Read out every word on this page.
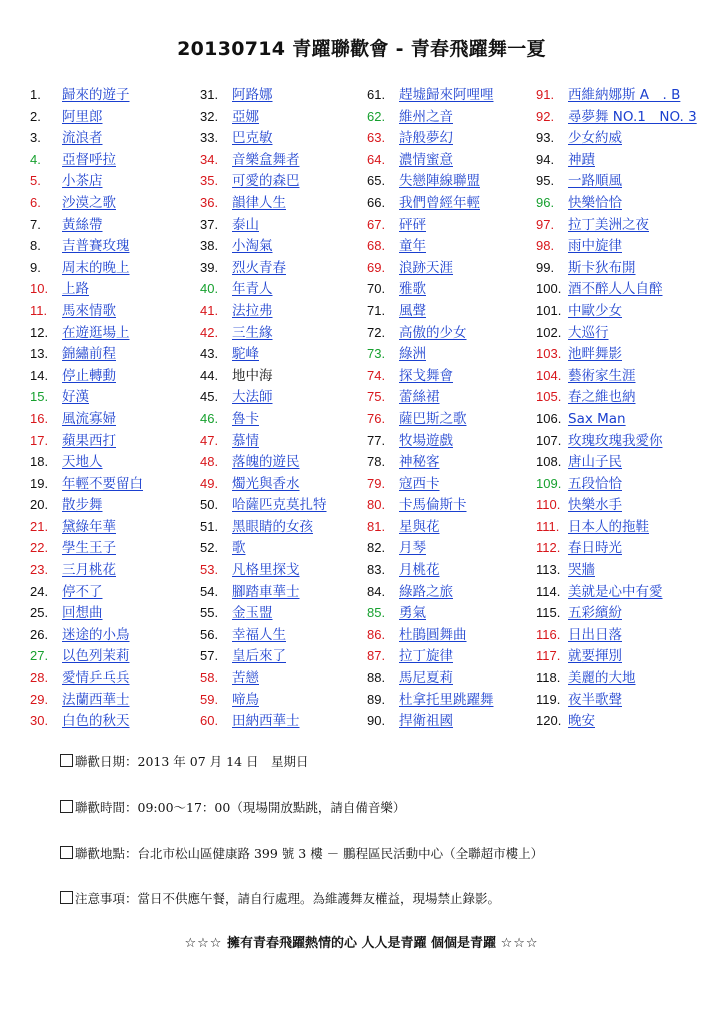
20130714 青躍聯歡會 - 青春飛躍舞一夏
1. 歸來的遊子
2. 阿里郎
3. 流浪者
4. 亞督呼拉
5. 小茶店
6. 沙漠之歌
7. 黃絲帶
8. 吉普賽玫瑰
9. 周末的晚上
10. 上路
11. 馬來情歌
12. 在遊逛場上
13. 錦繡前程
14. 停止轉動
15. 好漢
16. 風流寡婦
17. 蘋果西打
18. 天地人
19. 年輕不要留白
20. 散步舞
21. 黛綠年華
22. 學生王子
23. 三月桃花
24. 停不了
25. 回想曲
26. 迷途的小鳥
27. 以色列茉莉
28. 愛情乒乓兵
29. 法蘭西華士
30. 白色的秋天
31. 阿路娜
32. 亞娜
33. 巴克敏
34. 音樂盒舞者
35. 可愛的森巴
36. 韻律人生
37. 泰山
38. 小淘氣
39. 烈火青春
40. 年青人
41. 法拉弗
42. 三生緣
43. 駝峰
44. 地中海
45. 大法師
46. 魯卡
47. 慕情
48. 落魄的遊民
49. 燭光與香水
50. 哈薩匹克莫扎特
51. 黑眼睛的女孩
52. 歌
53. 凡格里探戈
54. 腳踏車華士
55. 金玉盟
56. 幸福人生
57. 皇后來了
58. 苦戀
59. 啼鳥
60. 田納西華士
61. 趕墟歸來阿哩哩
62. 維州之音
63. 詩般夢幻
64. 濃情蜜意
65. 失戀陣線聯盟
66. 我們曾經年輕
67. 砰砰
68. 童年
69. 浪跡天涯
70. 雅歌
71. 風聲
72. 高傲的少女
73. 綠洲
74. 探戈舞會
75. 蕾絲裙
76. 薩巴斯之歌
77. 牧場遊戲
78. 神秘客
79. 寇西卡
80. 卡馬倫斯卡
81. 星與花
82. 月琴
83. 月桃花
84. 綠路之旅
85. 勇氣
86. 杜鵑圓舞曲
87. 拉丁旋律
88. 馬尼夏莉
89. 杜拿托里跳躍舞
90. 捍衛祖國
91. 西維納娜斯 A　. B
92. 尋夢舞 NO.1　NO. 3
93. 少女約威
94. 神蹟
95. 一路順風
96. 快樂恰恰
97. 拉丁美洲之夜
98. 雨中旋律
99. 斯卡狄布開
100. 酒不醉人人自醉
101. 中歐少女
102. 大巡行
103. 池畔舞影
104. 藝術家生涯
105. 春之維也納
106. Sax Man
107. 玫瑰玫瑰我愛你
108. 唐山子民
109. 五段恰恰
110. 快樂水手
111. 日本人的拖鞋
112. 春日時光
113. 哭牆
114. 美就是心中有愛
115. 五彩繽紛
116. 日出日落
117. 就要揮別
118. 美麗的大地
119. 夜半歌聲
120. 晚安
聯歡日期：2013 年 07 月 14 日　星期日
聯歡時間：09:00～17：00（現場開放點跳，請自備音樂）
聯歡地點：台北市松山區健康路 399 號 3 樓 － 鵬程區民活動中心（全聯超市樓上）
注意事項：當日不供應午餐，請自行處理。為維護舞友權益，現場禁止錄影。
☆☆☆ 擁有青春飛躍熱情的心 人人是青躍 個個是青躍 ☆☆☆
